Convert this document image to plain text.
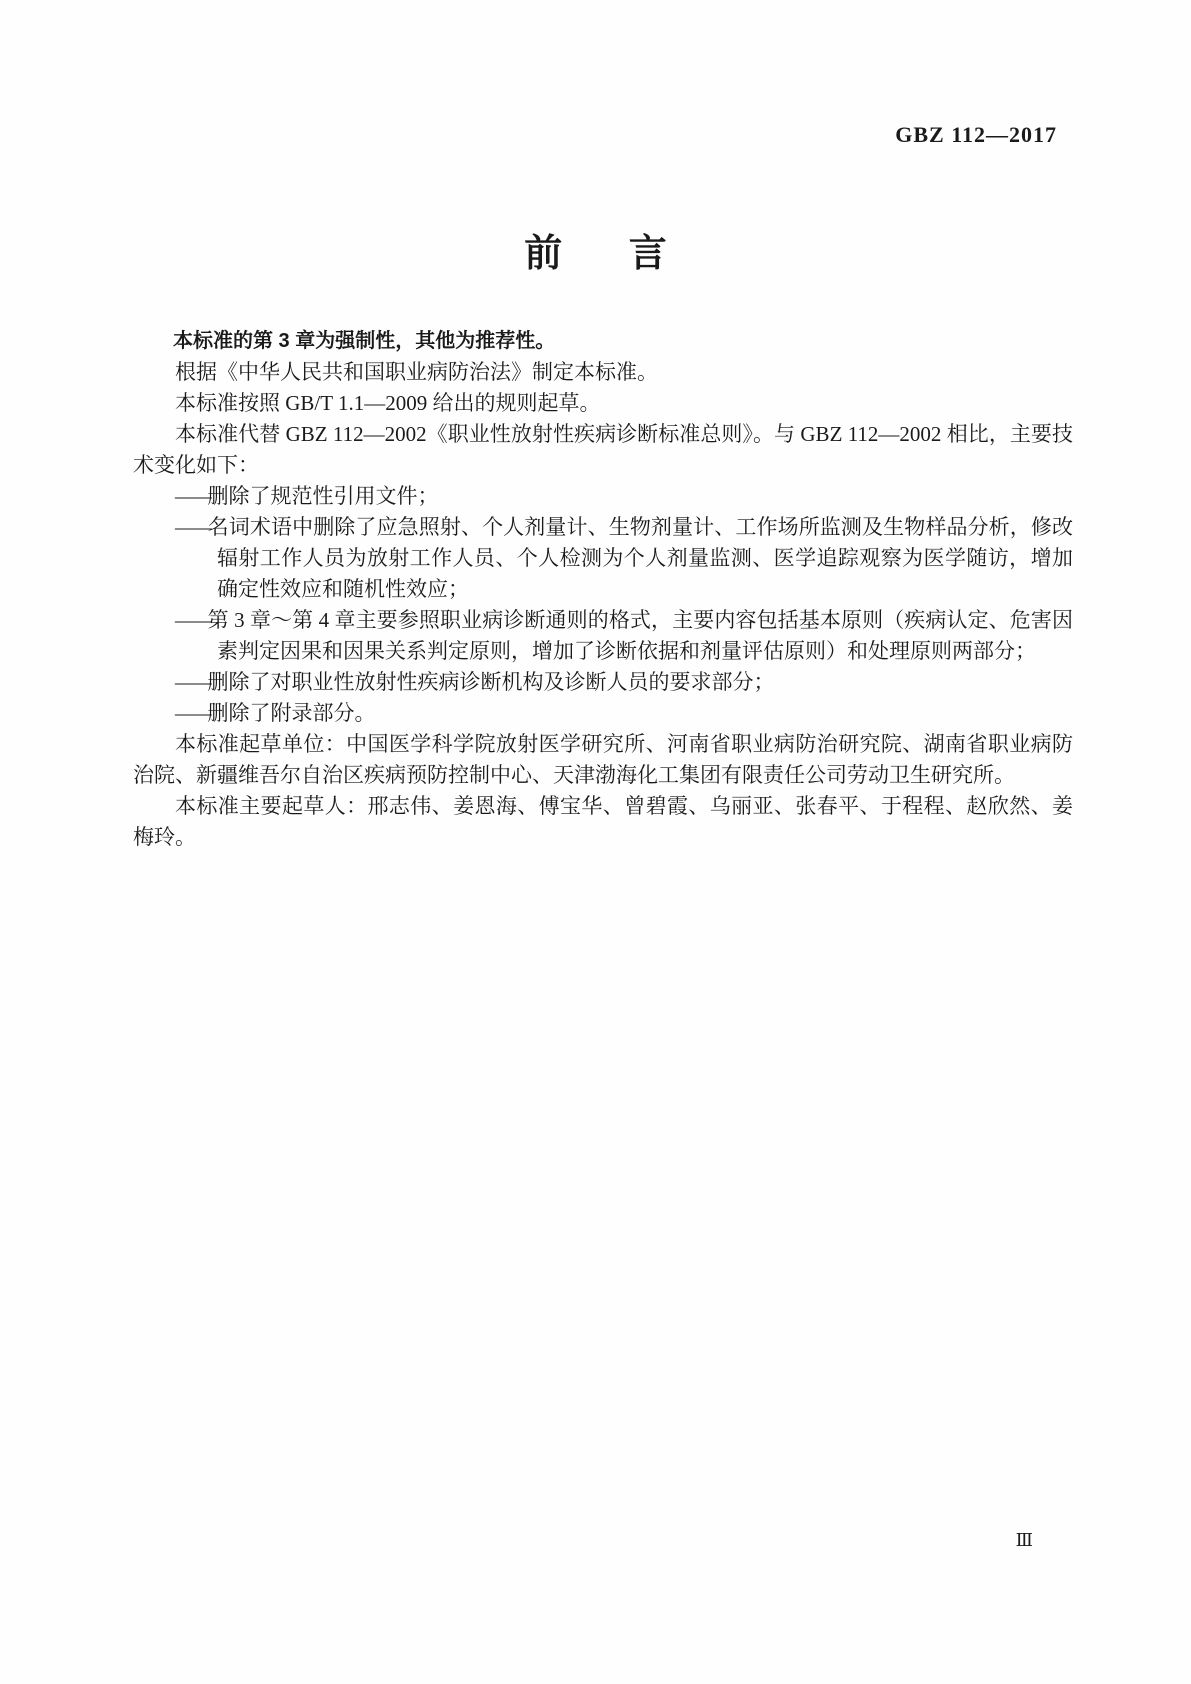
GBZ 112—2017
前言

本标准的第 3 章为强制性，其他为推荐性。

根据《中华人民共和国职业病防治法》制定本标准。

本标准按照 GB/T 1.1—2009 给出的规则起草。

本标准代替 GBZ 112—2002《职业性放射性疾病诊断标准总则》。与 GBZ 112—2002 相比，主要技术变化如下：

——删除了规范性引用文件；

——名词术语中删除了应急照射、个人剂量计、生物剂量计、工作场所监测及生物样品分析，修改辐射工作人员为放射工作人员、个人检测为个人剂量监测、医学追踪观察为医学随访，增加确定性效应和随机性效应；

——第 3 章～第 4 章主要参照职业病诊断通则的格式，主要内容包括基本原则（疾病认定、危害因素判定因果和因果关系判定原则，增加了诊断依据和剂量评估原则）和处理原则两部分；

——删除了对职业性放射性疾病诊断机构及诊断人员的要求部分；

——删除了附录部分。

本标准起草单位：中国医学科学院放射医学研究所、河南省职业病防治研究院、湖南省职业病防治院、新疆维吾尔自治区疾病预防控制中心、天津渤海化工集团有限责任公司劳动卫生研究所。

本标准主要起草人：邢志伟、姜恩海、傅宝华、曾碧霞、乌丽亚、张春平、于程程、赵欣然、姜梅玲。

Ⅲ
